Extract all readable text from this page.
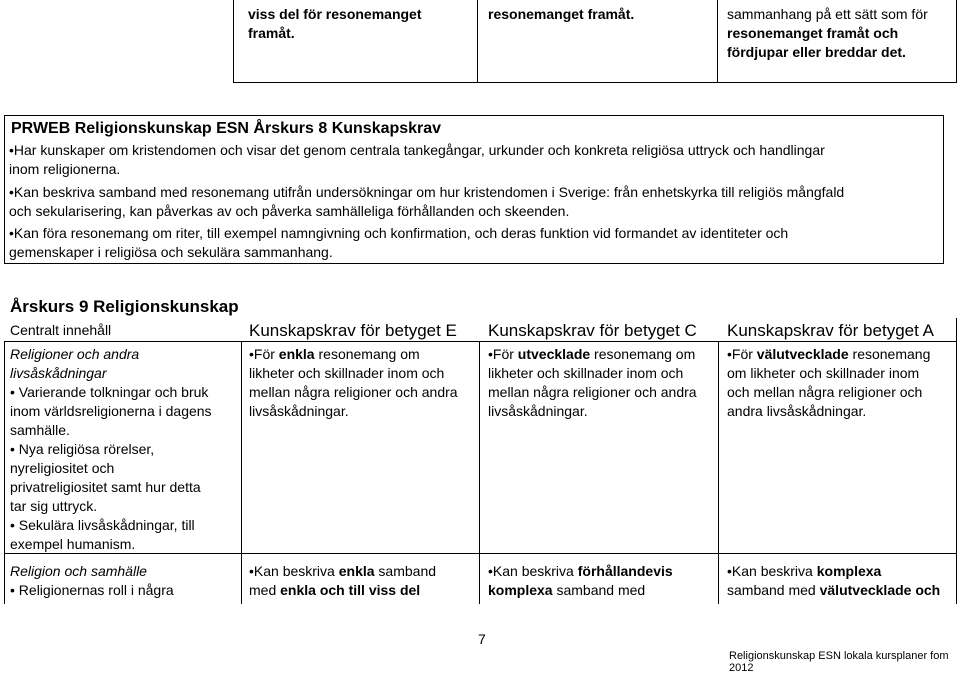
viss del för resonemanget
framåt.
resonemanget framåt.	sammanhang på ett sätt som för
resonemanget framåt och
fördjupar eller breddar det.
PRWEB Religionskunskap ESN Årskurs 8 Kunskapskrav
•Har kunskaper om kristendomen och visar det genom centrala tankegångar, urkunder och konkreta religiösa uttryck och handlingar
inom religionerna.
•Kan beskriva samband med resonemang utifrån undersökningar om hur kristendomen i Sverige: från enhetskyrka till religiös mångfald
och sekularisering, kan påverkas av och påverka samhälleliga förhållanden och skeenden.
•Kan föra resonemang om riter, till exempel namngivning och konfirmation, och deras funktion vid formandet av identiteter och
gemenskaper i religiösa och sekulära sammanhang.
Årskurs 9 Religionskunskap
Centralt innehåll	Kunskapskrav för betyget E Kunskapskrav för betyget C Kunskapskrav för betyget A
Religioner och andra
livsåskådningar
• Varierande tolkningar och bruk
inom världsreligionerna i dagens
samhälle.
• Nya religiösa rörelser,
nyreligiositet och
privatreligiositet samt hur detta
tar sig uttryck.
• Sekulära livsåskådningar, till
exempel humanism.
•För enkla resonemang om
likheter och skillnader inom och
mellan några religioner och andra
livsåskådningar.
•För utvecklade resonemang om
likheter och skillnader inom och
mellan några religioner och andra
livsåskådningar.
•För välutvecklade resonemang
om likheter och skillnader inom
och mellan några religioner och
andra livsåskådningar.
Religion och samhälle
• Religionernas roll i några
•Kan beskriva enkla samband
med enkla och till viss del
•Kan beskriva förhållandevis
komplexa samband med
•Kan beskriva komplexa
samband med välutvecklade och
7
Religionskunskap ESN lokala kursplaner fom 2012
